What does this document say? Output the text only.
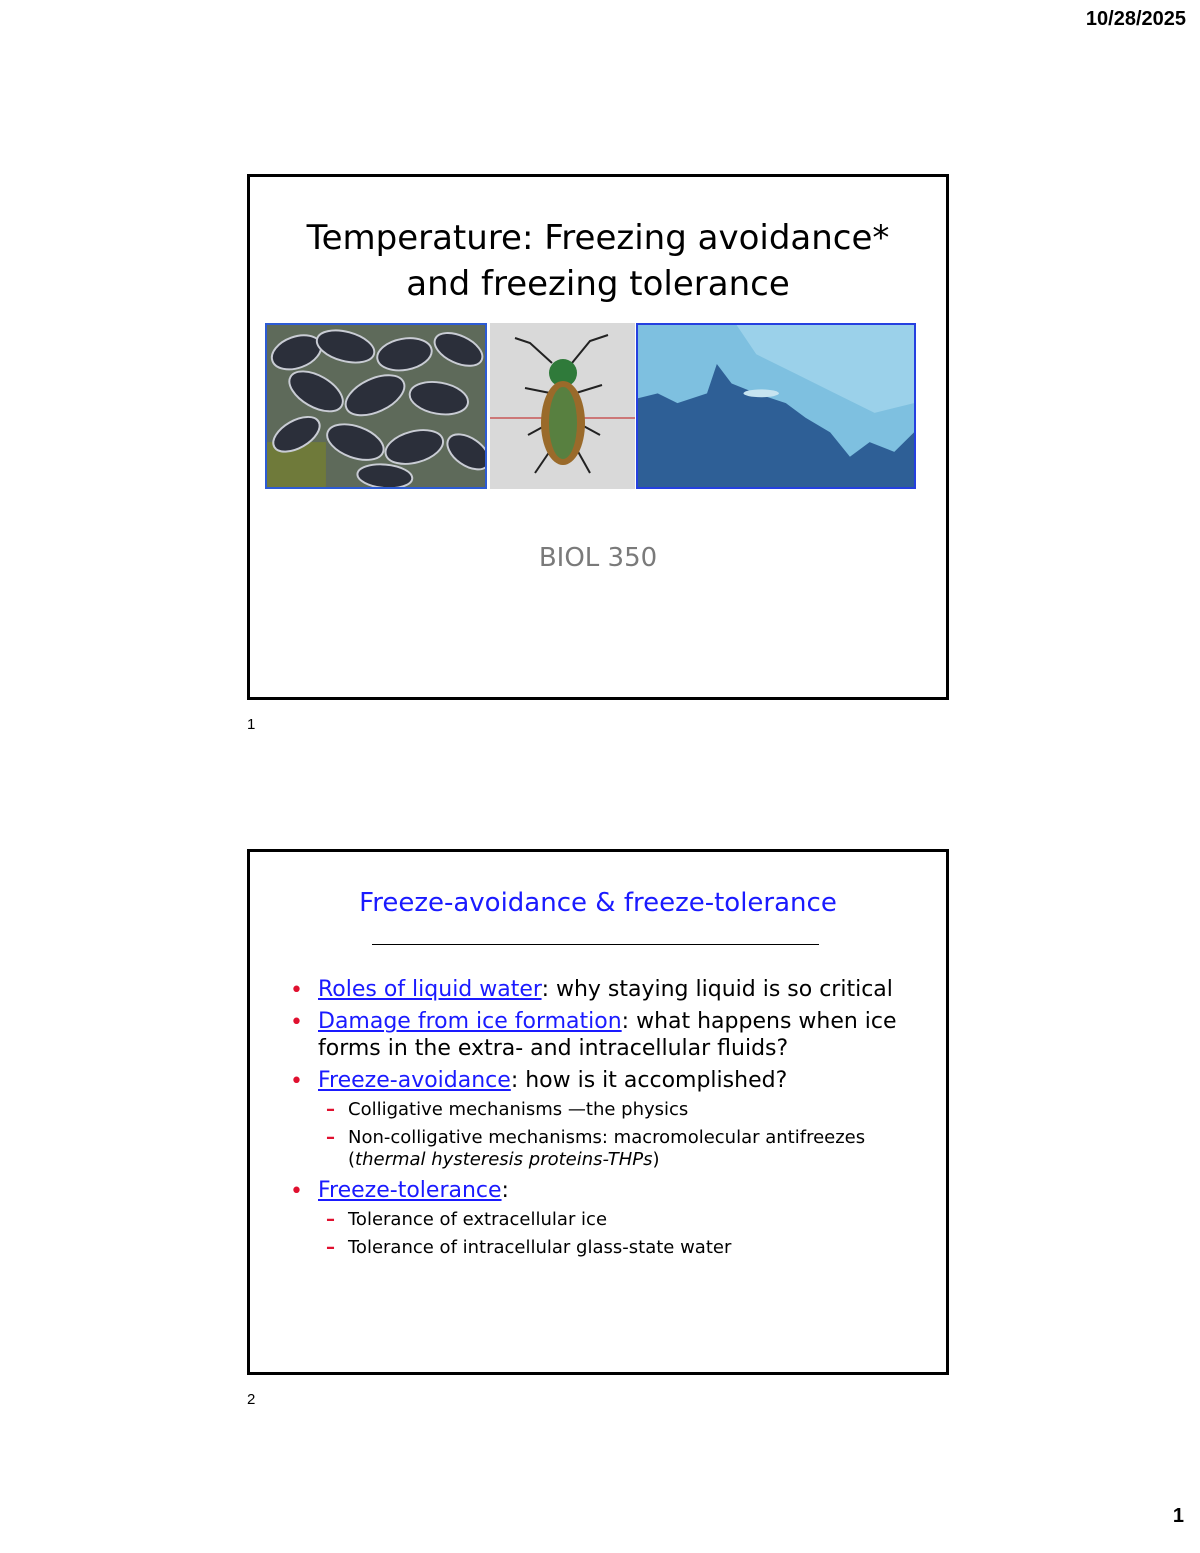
10/28/2025
Temperature: Freezing avoidance*
and freezing tolerance
BIOL 350
1
Freeze-avoidance & freeze-tolerance
• Roles of liquid water: why staying liquid is so critical
• Damage from ice formation: what happens when ice forms in the extra- and intracellular fluids?
• Freeze-avoidance: how is it accomplished?
– Colligative mechanisms —the physics
– Non-colligative mechanisms: macromolecular antifreezes (thermal hysteresis proteins-THPs)
• Freeze-tolerance:
– Tolerance of extracellular ice
– Tolerance of intracellular glass-state water
2
1
